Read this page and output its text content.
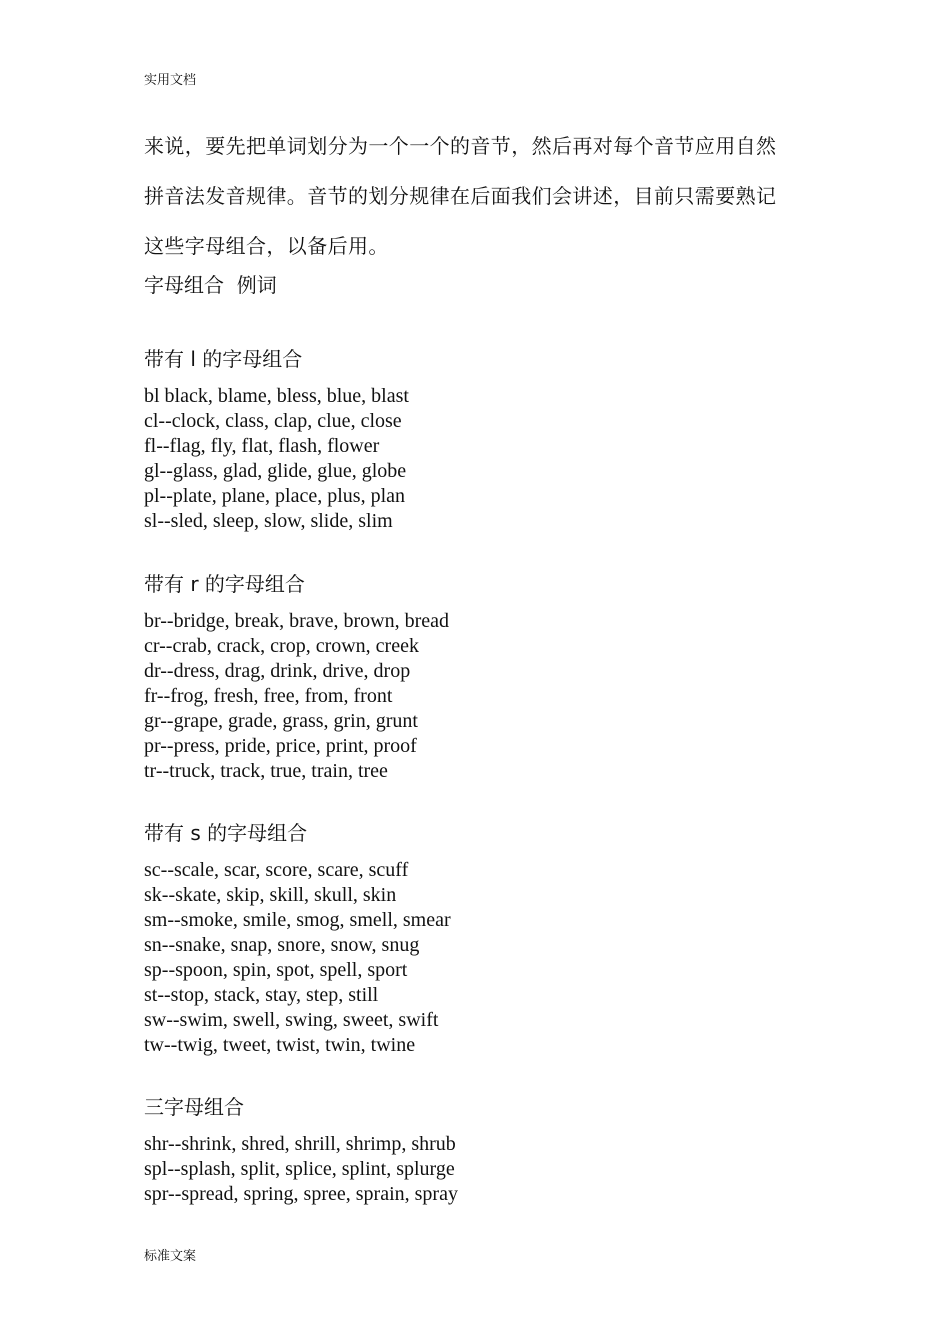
实用文档
来说，要先把单词划分为一个一个的音节，然后再对每个音节应用自然
拼音法发音规律。音节的划分规律在后面我们会讲述，目前只需要熟记
这些字母组合，以备后用。
字母组合  例词
带有 l 的字母组合
bl black, blame, bless, blue, blast
cl--clock, class, clap, clue, close
fl--flag, fly, flat, flash, flower
gl--glass, glad, glide, glue, globe
pl--plate, plane, place, plus, plan
sl--sled, sleep, slow, slide, slim
带有 r 的字母组合
br--bridge, break, brave, brown, bread
cr--crab, crack, crop, crown, creek
dr--dress, drag, drink, drive, drop
fr--frog, fresh, free, from, front
gr--grape, grade, grass, grin, grunt
pr--press, pride, price, print, proof
tr--truck, track, true, train, tree
带有 s 的字母组合
sc--scale, scar, score, scare, scuff
sk--skate, skip, skill, skull, skin
sm--smoke, smile, smog, smell, smear
sn--snake, snap, snore, snow, snug
sp--spoon, spin, spot, spell, sport
st--stop, stack, stay, step, still
sw--swim, swell, swing, sweet, swift
tw--twig, tweet, twist, twin, twine
三字母组合
shr--shrink, shred, shrill, shrimp, shrub
spl--splash, split, splice, splint, splurge
spr--spread, spring, spree, sprain, spray
标准文案
